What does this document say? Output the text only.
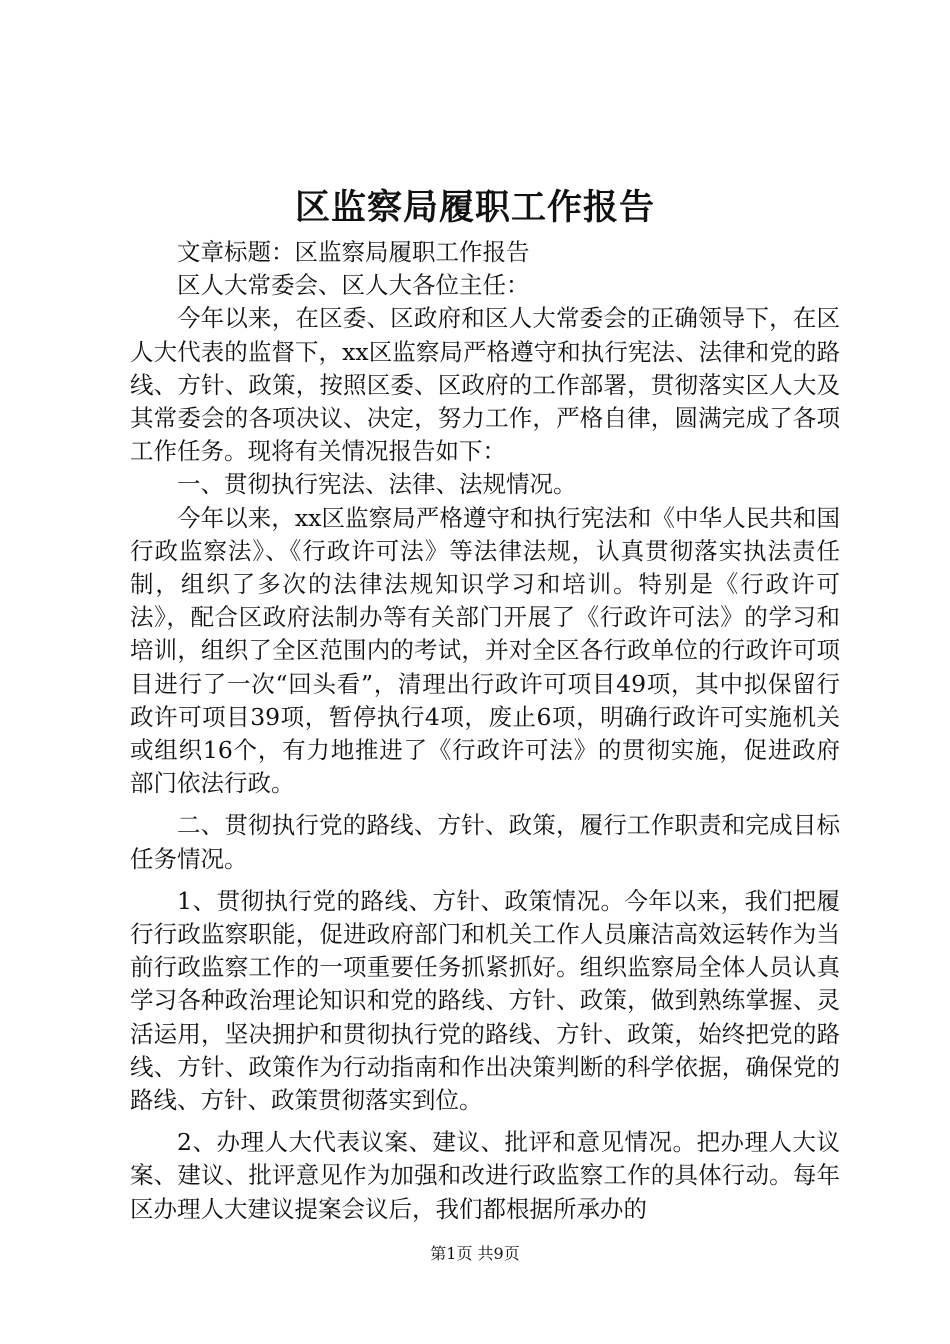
区监察局履职工作报告

文章标题：区监察局履职工作报告

区人大常委会、区人大各位主任：

今年以来，在区委、区政府和区人大常委会的正确领导下，在区人大代表的监督下，xx区监察局严格遵守和执行宪法、法律和党的路线、方针、政策，按照区委、区政府的工作部署，贯彻落实区人大及其常委会的各项决议、决定，努力工作，严格自律，圆满完成了各项工作任务。现将有关情况报告如下：

一、贯彻执行宪法、法律、法规情况。

今年以来，xx区监察局严格遵守和执行宪法和《中华人民共和国行政监察法》、《行政许可法》等法律法规，认真贯彻落实执法责任制，组织了多次的法律法规知识学习和培训。特别是《行政许可法》，配合区政府法制办等有关部门开展了《行政许可法》的学习和培训，组织了全区范围内的考试，并对全区各行政单位的行政许可项目进行了一次“回头看”，清理出行政许可项目49项，其中拟保留行政许可项目39项，暂停执行4项，废止6项，明确行政许可实施机关或组织16个，有力地推进了《行政许可法》的贯彻实施，促进政府部门依法行政。

二、贯彻执行党的路线、方针、政策，履行工作职责和完成目标任务情况。

1、贯彻执行党的路线、方针、政策情况。今年以来，我们把履行行政监察职能，促进政府部门和机关工作人员廉洁高效运转作为当前行政监察工作的一项重要任务抓紧抓好。组织监察局全体人员认真学习各种政治理论知识和党的路线、方针、政策，做到熟练掌握、灵活运用，坚决拥护和贯彻执行党的路线、方针、政策，始终把党的路线、方针、政策作为行动指南和作出决策判断的科学依据，确保党的路线、方针、政策贯彻落实到位。

2、办理人大代表议案、建议、批评和意见情况。把办理人大议案、建议、批评意见作为加强和改进行政监察工作的具体行动。每年区办理人大建议提案会议后，我们都根据所承办的

第1页 共9页
